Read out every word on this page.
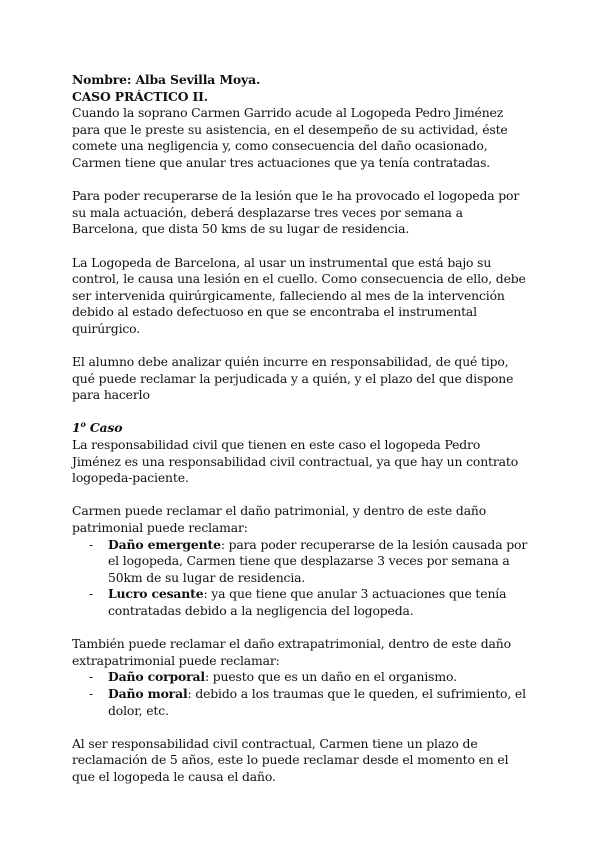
Nombre: Alba Sevilla Moya.

CASO PRÁCTICO II.

Cuando la soprano Carmen Garrido acude al Logopeda Pedro Jiménez para que le preste su asistencia, en el desempeño de su actividad, éste comete una negligencia y, como consecuencia del daño ocasionado, Carmen tiene que anular tres actuaciones que ya tenía contratadas.

Para poder recuperarse de la lesión que le ha provocado el logopeda por su mala actuación, deberá desplazarse tres veces por semana a Barcelona, que dista 50 kms de su lugar de residencia.

La Logopeda de Barcelona, al usar un instrumental que está bajo su control, le causa una lesión en el cuello. Como consecuencia de ello, debe ser intervenida quirúrgicamente, falleciendo al mes de la intervención debido al estado defectuoso en que se encontraba el instrumental quirúrgico.

El alumno debe analizar quién incurre en responsabilidad, de qué tipo, qué puede reclamar la perjudicada y a quién, y el plazo del que dispone para hacerlo

1$^o$ Caso

La responsabilidad civil que tienen en este caso el logopeda Pedro Jiménez es una responsabilidad civil contractual, ya que hay un contrato logopeda-paciente.

Carmen puede reclamar el daño patrimonial, y dentro de este daño patrimonial puede reclamar:

- Daño emergente: para poder recuperarse de la lesión causada por el logopeda, Carmen tiene que desplazarse 3 veces por semana a 50km de su lugar de residencia.
- Lucro cesante: ya que tiene que anular 3 actuaciones que tenía contratadas debido a la negligencia del logopeda.

También puede reclamar el daño extrapatrimonial, dentro de este daño extrapatrimonial puede reclamar:

- Daño corporal: puesto que es un daño en el organismo.
- Daño moral: debido a los traumas que le queden, el sufrimiento, el dolor, etc.

Al ser responsabilidad civil contractual, Carmen tiene un plazo de reclamación de 5 años, este lo puede reclamar desde el momento en el que el logopeda le causa el daño.
